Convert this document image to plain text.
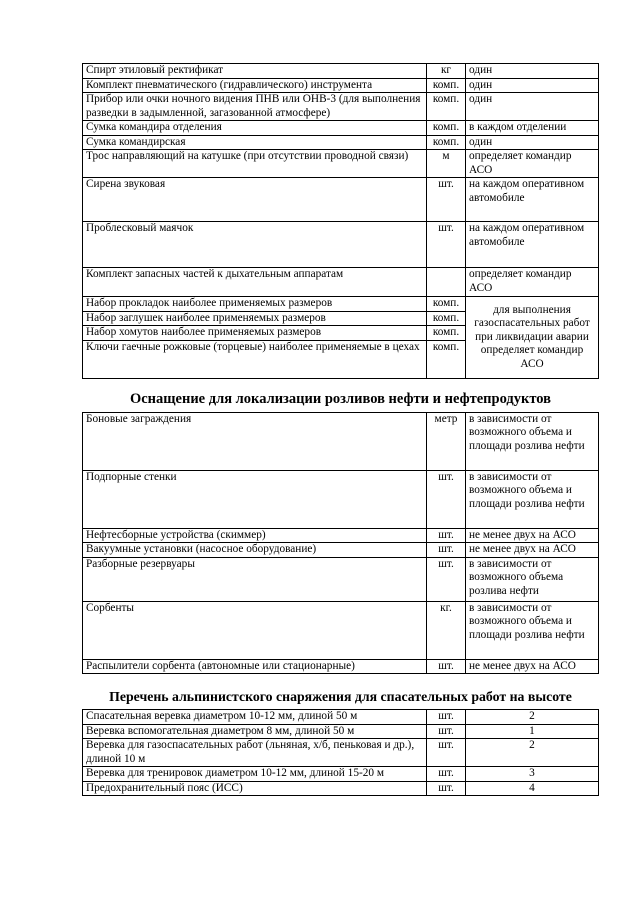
Спирт этиловый ректификат	кг	один
Комплект пневматического (гидравлического) инструмента	комп.	один
Прибор или очки ночного видения ПНВ или ОНВ-3 (для выполнения разведки в задымленной, загазованной атмосфере)	комп.	один
Сумка командира отделения	комп.	в каждом отделении
Сумка командирская	комп.	один
Трос направляющий на катушке (при отсутствии проводной связи)	м	определяет командир АСО
Сирена звуковая	шт.	на каждом оперативном автомобиле
Проблесковый маячок	шт.	на каждом оперативном автомобиле
Комплект запасных частей к дыхательным аппаратам		определяет командир АСО
Набор прокладок наиболее применяемых размеров	комп.	для выполнения газоспасательных работ при ликвидации аварии определяет командир АСО
Набор заглушек наиболее применяемых размеров	комп.	
Набор хомутов наиболее применяемых размеров	комп.	
Ключи гаечные рожковые (торцевые) наиболее применяемые в цехах	комп.	
Оснащение для локализации розливов нефти и нефтепродуктов		
Боновые заграждения	метр	в зависимости от возможного объема и площади розлива нефти
Подпорные стенки	шт.	в зависимости от возможного объема и площади розлива нефти
Нефтесборные устройства (скиммер)	шт.	не менее двух на АСО
Вакуумные установки (насосное оборудование)	шт.	не менее двух на АСО
Разборные резервуары	шт.	в зависимости от возможного объема розлива нефти
Сорбенты	кг.	в зависимости от возможного объема и площади розлива нефти
Распылители сорбента (автономные или стационарные)	шт.	не менее двух на АСО
Перечень альпинистского снаряжения для спасательных работ на высоте		
Спасательная веревка диаметром 10-12 мм, длиной 50 м	шт.	2
Веревка вспомогательная диаметром 8 мм, длиной 50 м	шт.	1
Веревка для газоспасательных работ (льняная, х/б, пеньковая и др.), длиной 10 м	шт.	2
Веревка для тренировок диаметром 10-12 мм, длиной 15-20 м	шт.	3
Предохранительный пояс (ИСС)	шт.	4
